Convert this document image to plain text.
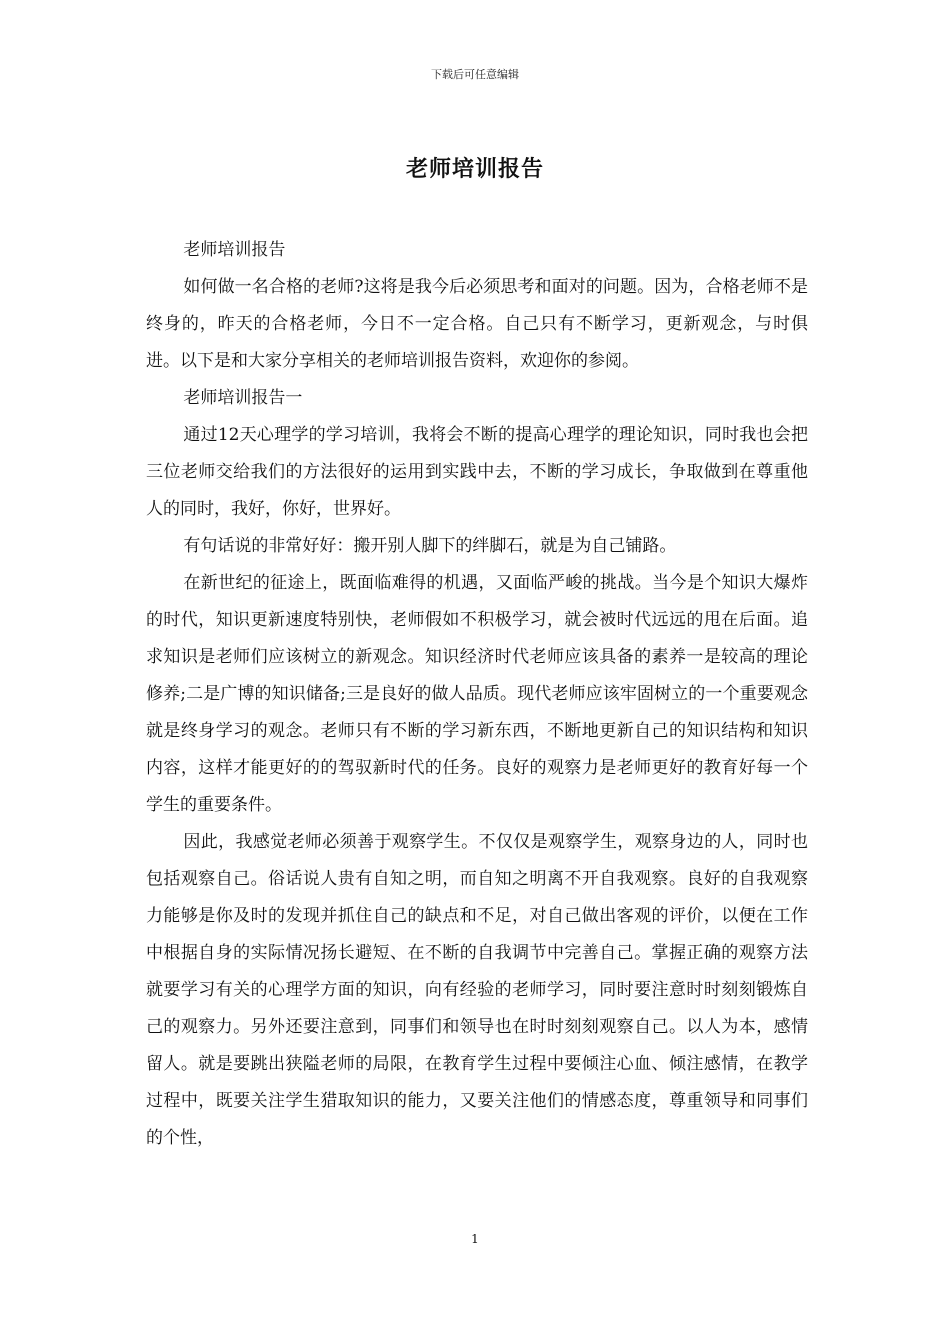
下载后可任意编辑
老师培训报告

老师培训报告

如何做一名合格的老师?这将是我今后必须思考和面对的问题。因为，合格老师不是终身的，昨天的合格老师，今日不一定合格。自己只有不断学习，更新观念，与时俱进。以下是和大家分享相关的老师培训报告资料，欢迎你的参阅。

老师培训报告一

通过12天心理学的学习培训，我将会不断的提高心理学的理论知识，同时我也会把三位老师交给我们的方法很好的运用到实践中去，不断的学习成长，争取做到在尊重他人的同时，我好，你好，世界好。

有句话说的非常好好：搬开别人脚下的绊脚石，就是为自己铺路。

在新世纪的征途上，既面临难得的机遇，又面临严峻的挑战。当今是个知识大爆炸的时代，知识更新速度特别快，老师假如不积极学习，就会被时代远远的甩在后面。追求知识是老师们应该树立的新观念。知识经济时代老师应该具备的素养一是较高的理论修养;二是广博的知识储备;三是良好的做人品质。现代老师应该牢固树立的一个重要观念就是终身学习的观念。老师只有不断的学习新东西，不断地更新自己的知识结构和知识内容，这样才能更好的的驾驭新时代的任务。良好的观察力是老师更好的教育好每一个学生的重要条件。

因此，我感觉老师必须善于观察学生。不仅仅是观察学生，观察身边的人，同时也包括观察自己。俗话说人贵有自知之明，而自知之明离不开自我观察。良好的自我观察力能够是你及时的发现并抓住自己的缺点和不足，对自己做出客观的评价，以便在工作中根据自身的实际情况扬长避短、在不断的自我调节中完善自己。掌握正确的观察方法就要学习有关的心理学方面的知识，向有经验的老师学习，同时要注意时时刻刻锻炼自己的观察力。另外还要注意到，同事们和领导也在时时刻刻观察自己。以人为本，感情留人。就是要跳出狭隘老师的局限，在教育学生过程中要倾注心血、倾注感情，在教学过程中，既要关注学生猎取知识的能力，又要关注他们的情感态度，尊重领导和同事们的个性，

1
